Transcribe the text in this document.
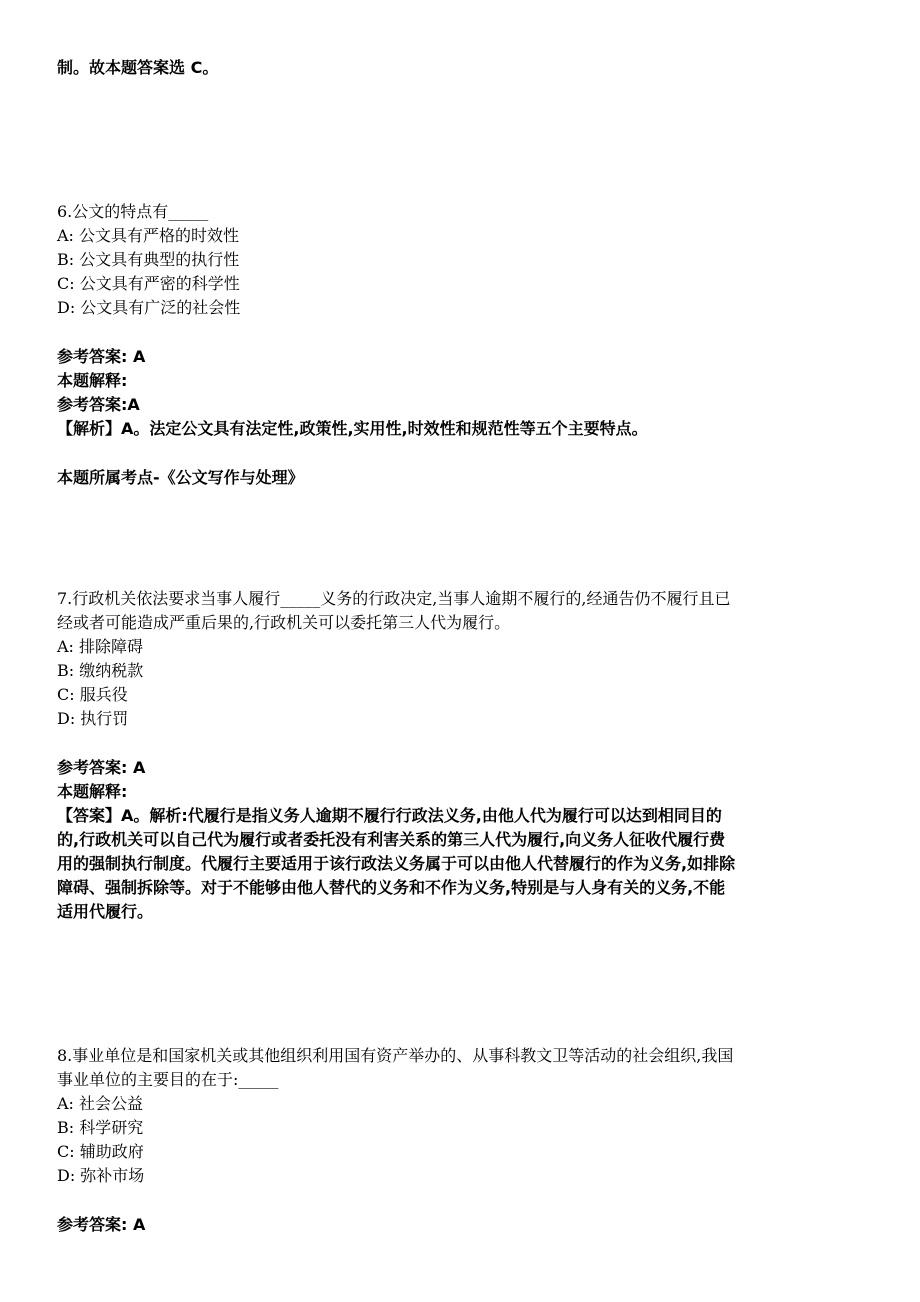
制。故本题答案选 C。
6.公文的特点有_____
A: 公文具有严格的时效性
B: 公文具有典型的执行性
C: 公文具有严密的科学性
D: 公文具有广泛的社会性
参考答案: A
本题解释:
参考答案:A
【解析】A。法定公文具有法定性,政策性,实用性,时效性和规范性等五个主要特点。
本题所属考点-《公文写作与处理》
7.行政机关依法要求当事人履行_____义务的行政决定,当事人逾期不履行的,经通告仍不履行且已
经或者可能造成严重后果的,行政机关可以委托第三人代为履行。
A: 排除障碍
B: 缴纳税款
C: 服兵役
D: 执行罚
参考答案: A
本题解释:
【答案】A。解析:代履行是指义务人逾期不履行行政法义务,由他人代为履行可以达到相同目的
的,行政机关可以自己代为履行或者委托没有利害关系的第三人代为履行,向义务人征收代履行费
用的强制执行制度。代履行主要适用于该行政法义务属于可以由他人代替履行的作为义务,如排除
障碍、强制拆除等。对于不能够由他人替代的义务和不作为义务,特别是与人身有关的义务,不能
适用代履行。
8.事业单位是和国家机关或其他组织利用国有资产举办的、从事科教文卫等活动的社会组织,我国
事业单位的主要目的在于:_____
A: 社会公益
B: 科学研究
C: 辅助政府
D: 弥补市场
参考答案: A
